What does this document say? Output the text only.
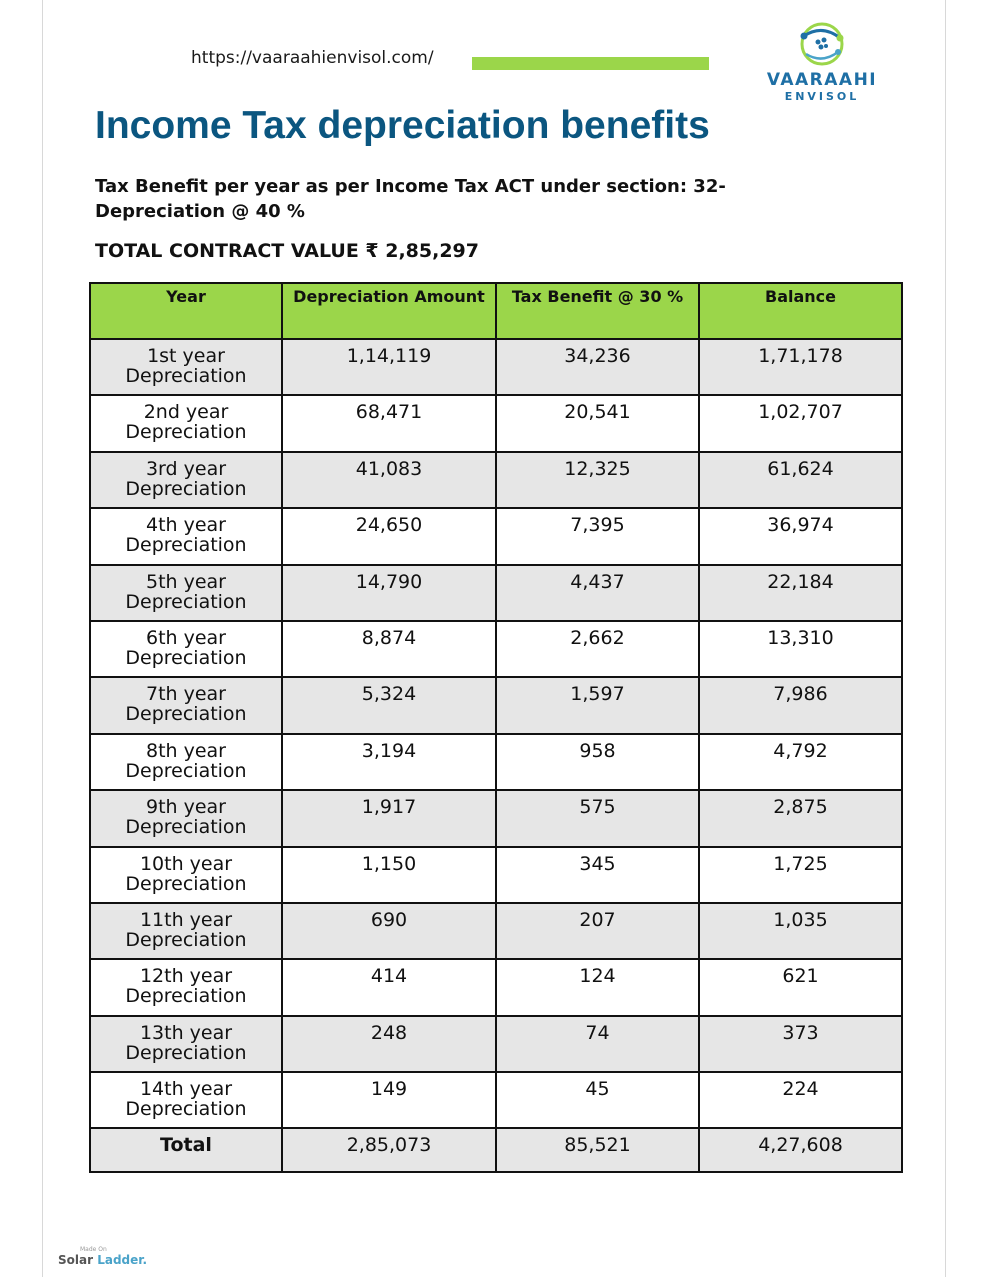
https://vaaraahienvisol.com/
VAARAAHI
ENVISOL
Income Tax depreciation benefits
Tax Benefit per year as per Income Tax ACT under section: 32- Depreciation @ 40 %
TOTAL CONTRACT VALUE ₹ 2,85,297
Year	Depreciation Amount	Tax Benefit @ 30 %	Balance
1st year Depreciation	1,14,119	34,236	1,71,178
2nd year Depreciation	68,471	20,541	1,02,707
3rd year Depreciation	41,083	12,325	61,624
4th year Depreciation	24,650	7,395	36,974
5th year Depreciation	14,790	4,437	22,184
6th year Depreciation	8,874	2,662	13,310
7th year Depreciation	5,324	1,597	7,986
8th year Depreciation	3,194	958	4,792
9th year Depreciation	1,917	575	2,875
10th year Depreciation	1,150	345	1,725
11th year Depreciation	690	207	1,035
12th year Depreciation	414	124	621
13th year Depreciation	248	74	373
14th year Depreciation	149	45	224
Total	2,85,073	85,521	4,27,608
Made On
Solar Ladder.
